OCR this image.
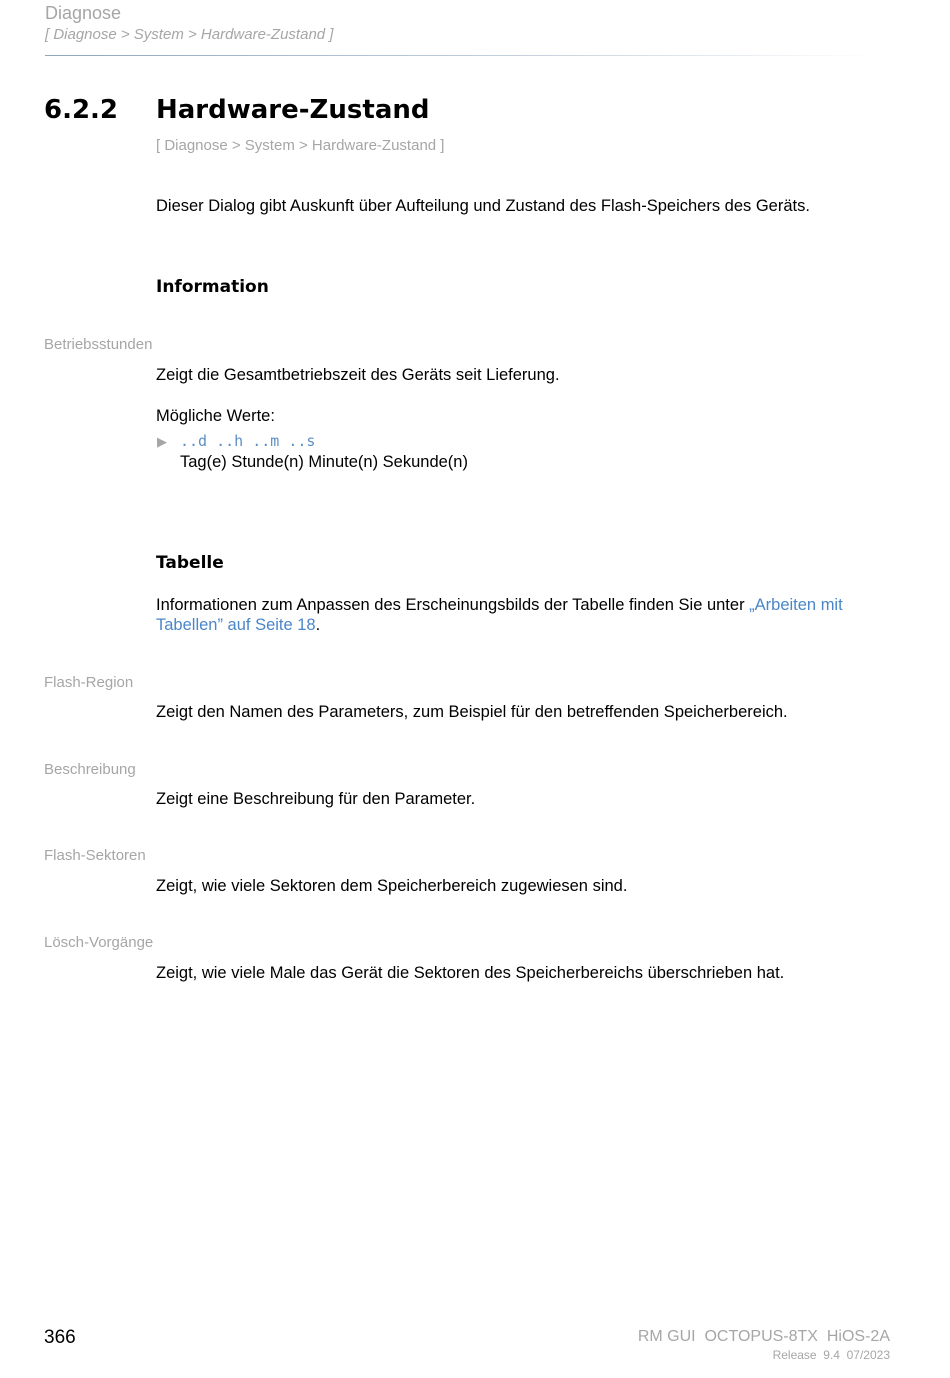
Diagnose
[ Diagnose > System > Hardware-Zustand ]
6.2.2 Hardware-Zustand
[ Diagnose > System > Hardware-Zustand ]
Dieser Dialog gibt Auskunft über Aufteilung und Zustand des Flash-Speichers des Geräts.
Information
Betriebsstunden
Zeigt die Gesamtbetriebszeit des Geräts seit Lieferung.
Mögliche Werte:
▶ ..d ..h ..m ..s
Tag(e) Stunde(n) Minute(n) Sekunde(n)
Tabelle
Informationen zum Anpassen des Erscheinungsbilds der Tabelle finden Sie unter „Arbeiten mit
Tabellen” auf Seite 18.
Flash-Region
Zeigt den Namen des Parameters, zum Beispiel für den betreffenden Speicherbereich.
Beschreibung
Zeigt eine Beschreibung für den Parameter.
Flash-Sektoren
Zeigt, wie viele Sektoren dem Speicherbereich zugewiesen sind.
Lösch-Vorgänge
Zeigt, wie viele Male das Gerät die Sektoren des Speicherbereichs überschrieben hat.
366	RM GUI  OCTOPUS-8TX  HiOS-2A
Release  9.4  07/2023
